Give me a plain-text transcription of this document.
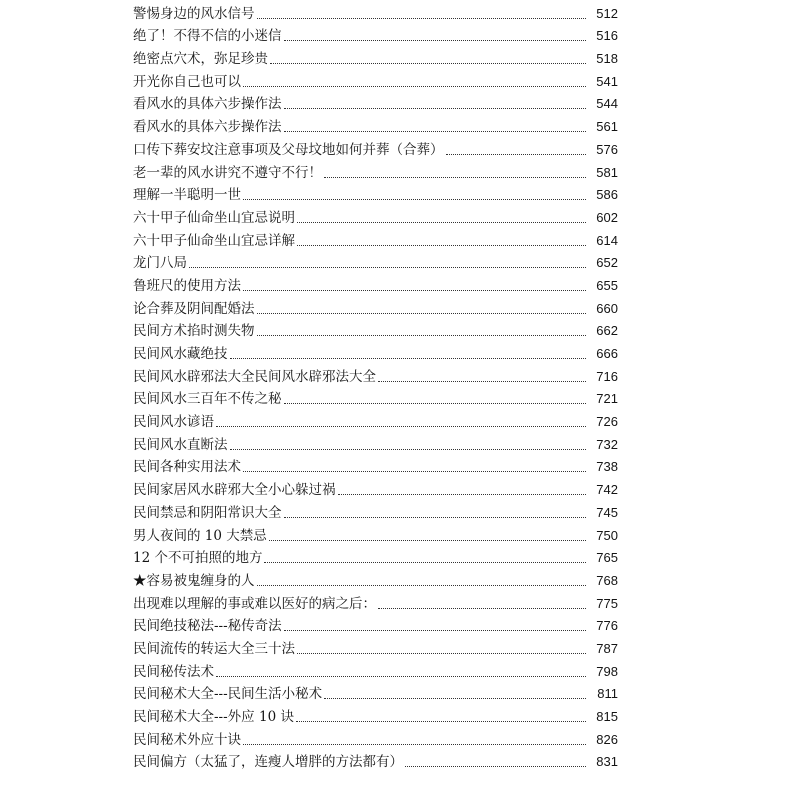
警惕身边的风水信号	512
绝了！不得不信的小迷信	516
绝密点穴术，弥足珍贵	518
开光你自己也可以	541
看风水的具体六步操作法	544
看风水的具体六步操作法	561
口传下葬安坟注意事项及父母坟地如何并葬（合葬）	576
老一辈的风水讲究不遵守不行！	581
理解一半聪明一世	586
六十甲子仙命坐山宜忌说明	602
六十甲子仙命坐山宜忌详解	614
龙门八局	652
鲁班尺的使用方法	655
论合葬及阴间配婚法	660
民间方术掐时测失物	662
民间风水藏绝技	666
民间风水辟邪法大全民间风水辟邪法大全	716
民间风水三百年不传之秘	721
民间风水谚语	726
民间风水直断法	732
民间各种实用法术	738
民间家居风水辟邪大全小心躲过祸	742
民间禁忌和阴阳常识大全	745
男人夜间的 10 大禁忌	750
12 个不可拍照的地方	765
★容易被鬼缠身的人	768
出现难以理解的事或难以医好的病之后：	775
民间绝技秘法---秘传奇法	776
民间流传的转运大全三十法	787
民间秘传法术	798
民间秘术大全---民间生活小秘术	811
民间秘术大全---外应 10 诀	815
民间秘术外应十诀	826
民间偏方（太猛了，连瘦人增胖的方法都有）	831
